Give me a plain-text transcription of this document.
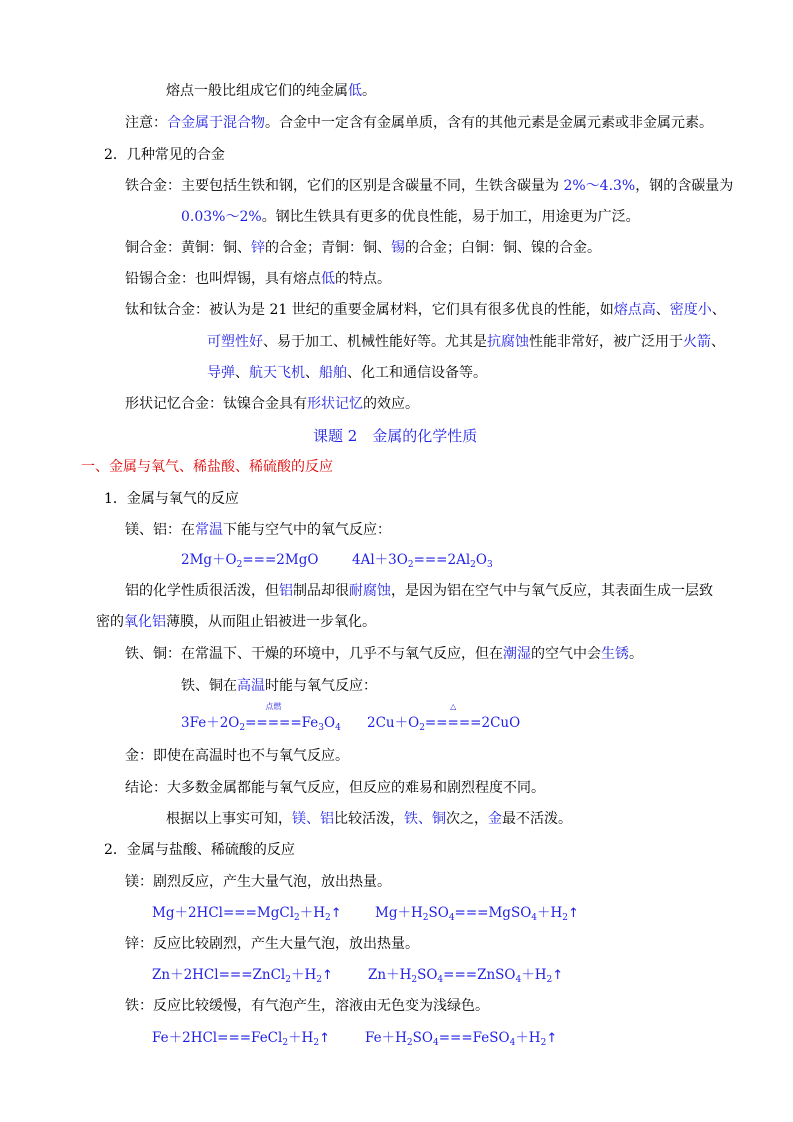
熔点一般比组成它们的纯金属低。
注意：合金属于混合物。合金中一定含有金属单质，含有的其他元素是金属元素或非金属元素。
2．几种常见的合金
铁合金：主要包括生铁和钢，它们的区别是含碳量不同，生铁含碳量为 2%～4.3%，钢的含碳量为
0.03%～2%。钢比生铁具有更多的优良性能，易于加工，用途更为广泛。
铜合金：黄铜：铜、锌的合金；青铜：铜、锡的合金；白铜：铜、镍的合金。
铅锡合金：也叫焊锡，具有熔点低的特点。
钛和钛合金：被认为是 21 世纪的重要金属材料，它们具有很多优良的性能，如熔点高、密度小、
可塑性好、易于加工、机械性能好等。尤其是抗腐蚀性能非常好，被广泛用于火箭、
导弹、航天飞机、船舶、化工和通信设备等。
形状记忆合金：钛镍合金具有形状记忆的效应。
课题 2　金属的化学性质
一、金属与氧气、稀盐酸、稀硫酸的反应
1．金属与氧气的反应
镁、铝：在常温下能与空气中的氧气反应：
$2Mg+O_2===2MgO$ $4Al+3O_2===2Al_2O_3$
铝的化学性质很活泼，但铝制品却很耐腐蚀，是因为铝在空气中与氧气反应，其表面生成一层致
密的氧化铝薄膜，从而阻止铝被进一步氧化。
铁、铜：在常温下、干燥的环境中，几乎不与氧气反应，但在潮湿的空气中会生锈。
铁、铜在高温时能与氧气反应：
$3Fe+2O_2$
点燃
$=====Fe_3O_4$ $2Cu+O_2$
△
=====2CuO
金：即使在高温时也不与氧气反应。
结论：大多数金属都能与氧气反应，但反应的难易和剧烈程度不同。
根据以上事实可知，镁、铝比较活泼，铁、铜次之，金最不活泼。
2．金属与盐酸、稀硫酸的反应
镁：剧烈反应，产生大量气泡，放出热量。
$Mg+2HCl===MgCl_2+H_2↑$ $Mg+H_2SO_4===MgSO_4+H_2↑$
锌：反应比较剧烈，产生大量气泡，放出热量。
$Zn+2HCl===ZnCl_2+H_2↑$	$Zn+H_2SO_4===ZnSO_4+H_2↑$
铁：反应比较缓慢，有气泡产生，溶液由无色变为浅绿色。
$Fe+2HCl===FeCl_2+H_2↑$	$Fe+H_2SO_4===FeSO_4+H_2↑$
